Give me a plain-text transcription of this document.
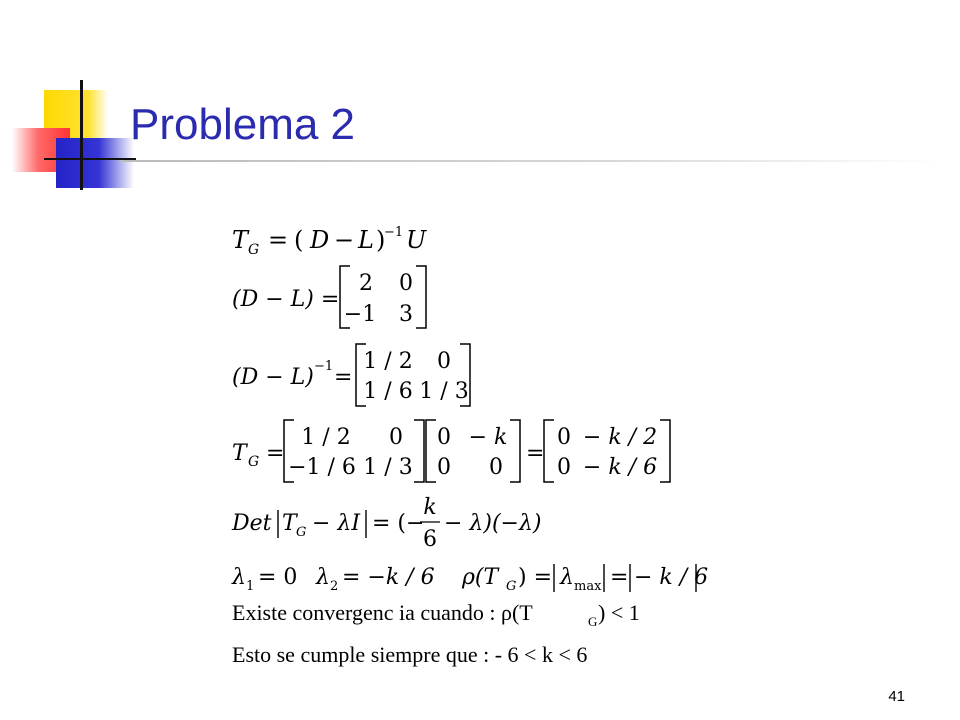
Problema 2
T G = ( D − L )
−1 U
(D − L) =
2 0
−1 3
(D − L) −1 =
1 / 2 0
1 / 6 1 / 3
T G =
1 / 2 0
−1 / 6 1 / 3
0 − k
0 0
=
0 − k / 2
0 − k / 6
Det T G − λI = (−
k
6
− λ)(−λ)
λ 1 = 0 λ 2 = −k / 6 ρ(T G ) = λ max = − k / 6
Existe convergenc ia cuando : ρ(T	G ) < 1
Esto se cumple siempre que : - 6 < k < 6
41
